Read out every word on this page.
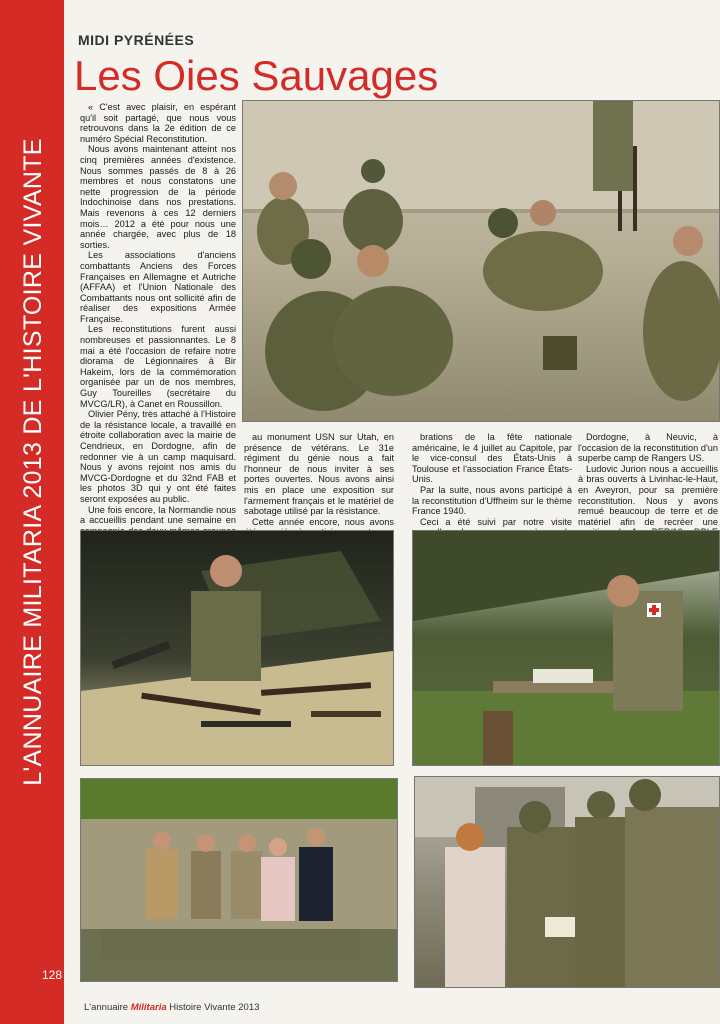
L'ANNUAIRE MILITARIA 2013 DE L'HISTOIRE VIVANTE
128
MIDI PYRÉNÉES
Les Oies Sauvages

« C'est avec plaisir, en espérant qu'il soit partagé, que nous vous retrouvons dans la 2e édition de ce numéro Spécial Reconstitution.

Nous avons maintenant atteint nos cinq premières années d'existence. Nous sommes passés de 8 à 26 membres et nous constatons une nette progression de la période Indochinoise dans nos prestations. Mais revenons à ces 12 derniers mois… 2012 a été pour nous une année chargée, avec plus de 18 sorties.

Les associations d'anciens combattants Anciens des Forces Françaises en Allemagne et Autriche (AFFAA) et l'Union Nationale des Combattants nous ont sollicité afin de réaliser des expositions Armée Française.

Les reconstitutions furent aussi nombreuses et passionnantes. Le 8 mai a été l'occasion de refaire notre diorama de Légionnaires à Bir Hakeim, lors de la commémoration organisée par un de nos membres, Guy Toureilles (secrétaire du MVCG/LR), à Canet en Roussillon.

Olivier Pény, très attaché à l'Histoire de la résistance locale, a travaillé en étroite collaboration avec la mairie de Cendrieux, en Dordogne, afin de redonner vie à un camp maquisard. Nous y avons rejoint nos amis du MVCG-Dordogne et du 32nd FAB et les photos 3D qui y ont été faites seront exposées au public.

Une fois encore, la Normandie nous a accueillis pendant une semaine en

au monument USN sur Utah, en présence de vétérans. Le 31e régiment du génie nous a fait l'honneur de nous inviter à ses portes ouvertes. Nous avons ainsi mis en place une exposition sur l'armement français et le matériel de sabotage utilisé par la résistance.

Cette année encore, nous avons

brations de la fête nationale américaine, le 4 juillet au Capitole, par le vice-consul des États-Unis à Toulouse et l'association France États-Unis.

Par la suite, nous avons participé à la reconstitution d'Uffheim sur le thème France 1940.

Ceci a été suivi par notre visite

Dordogne, à Neuvic, à l'occasion de la reconstitution d'un superbe camp de Rangers US.

Ludovic Jurion nous a accueillis à bras ouverts à Livinhac-le-Haut, en Aveyron, pour sa première reconstitution. Nous y avons remué beaucoup de terre et de matériel afin de recréer une

L'annuaire Militaria Histoire Vivante 2013
